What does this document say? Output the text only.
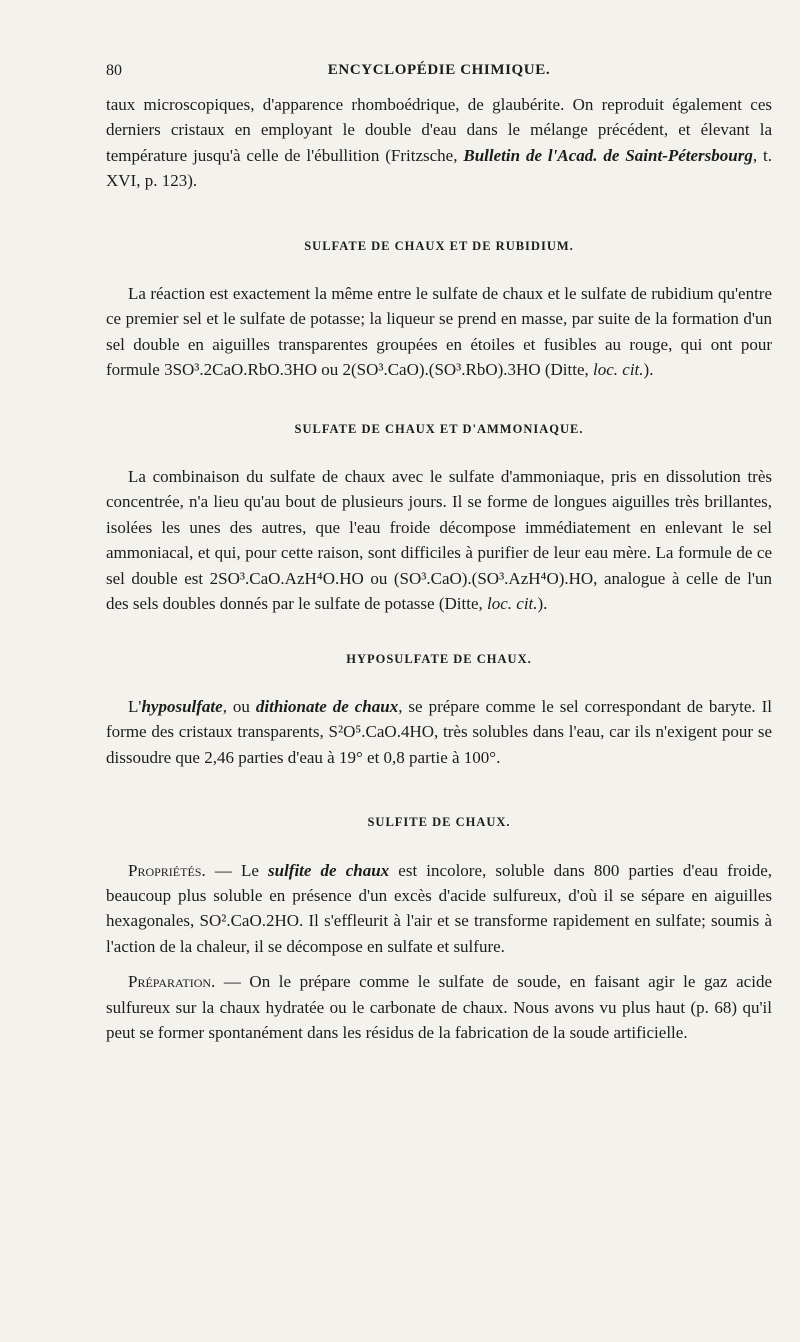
80	ENCYCLOPÉDIE CHIMIQUE.

taux microscopiques, d'apparence rhomboédrique, de glaubérite. On reproduit également ces derniers cristaux en employant le double d'eau dans le mélange précédent, et élevant la température jusqu'à celle de l'ébullition (Fritzsche, Bulletin de l'Acad. de Saint-Pétersbourg, t. XVI, p. 123).

SULFATE DE CHAUX ET DE RUBIDIUM.

La réaction est exactement la même entre le sulfate de chaux et le sulfate de rubidium qu'entre ce premier sel et le sulfate de potasse; la liqueur se prend en masse, par suite de la formation d'un sel double en aiguilles transparentes groupées en étoiles et fusibles au rouge, qui ont pour formule 3SO³.2CaO.RbO.3HO ou 2(SO³.CaO).(SO³.RbO).3HO (Ditte, loc. cit.).

SULFATE DE CHAUX ET D'AMMONIAQUE.

La combinaison du sulfate de chaux avec le sulfate d'ammoniaque, pris en dissolution très concentrée, n'a lieu qu'au bout de plusieurs jours. Il se forme de longues aiguilles très brillantes, isolées les unes des autres, que l'eau froide décompose immédiatement en enlevant le sel ammoniacal, et qui, pour cette raison, sont difficiles à purifier de leur eau mère. La formule de ce sel double est 2SO³.CaO.AzH⁴O.HO ou (SO³.CaO).(SO³.AzH⁴O).HO, analogue à celle de l'un des sels doubles donnés par le sulfate de potasse (Ditte, loc. cit.).

HYPOSULFATE DE CHAUX.

L'hyposulfate, ou dithionate de chaux, se prépare comme le sel correspondant de baryte. Il forme des cristaux transparents, S²O⁵.CaO.4HO, très solubles dans l'eau, car ils n'exigent pour se dissoudre que 2,46 parties d'eau à 19° et 0,8 partie à 100°.

SULFITE DE CHAUX.

Propriétés. — Le sulfite de chaux est incolore, soluble dans 800 parties d'eau froide, beaucoup plus soluble en présence d'un excès d'acide sulfureux, d'où il se sépare en aiguilles hexagonales, SO².CaO.2HO. Il s'effleurit à l'air et se transforme rapidement en sulfate; soumis à l'action de la chaleur, il se décompose en sulfate et sulfure.

Préparation. — On le prépare comme le sulfate de soude, en faisant agir le gaz acide sulfureux sur la chaux hydratée ou le carbonate de chaux. Nous avons vu plus haut (p. 68) qu'il peut se former spontanément dans les résidus de la fabrication de la soude artificielle.
